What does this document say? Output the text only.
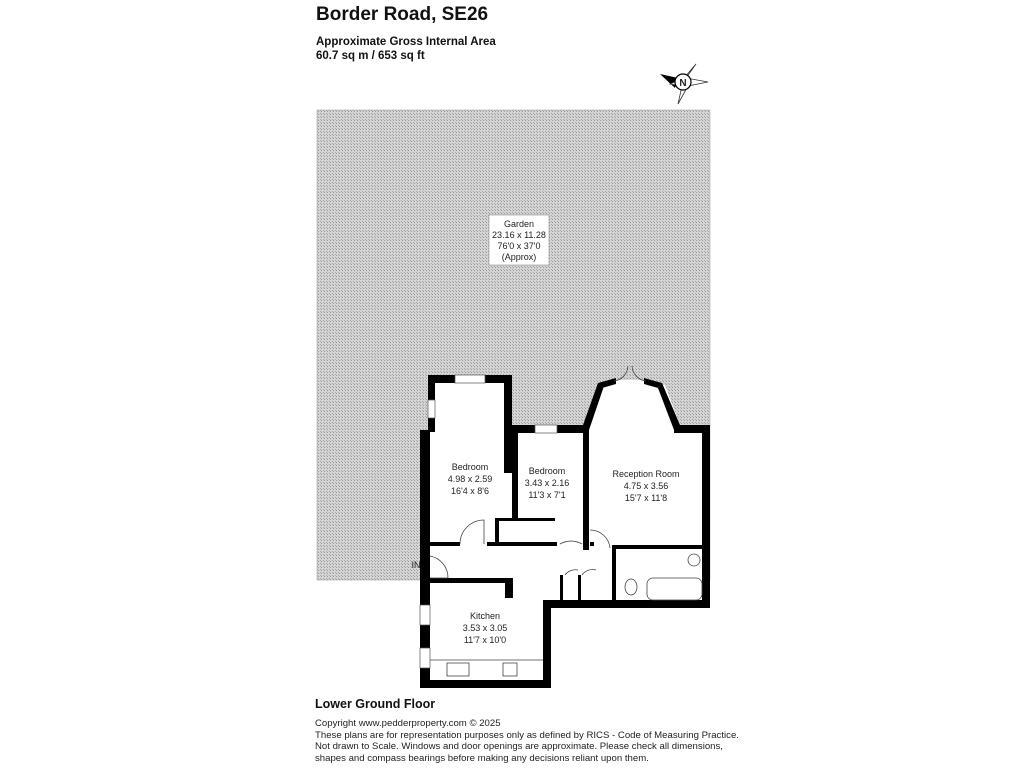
Border Road, SE26
Approximate Gross Internal Area
60.7 sq m / 653 sq ft
N
Garden
23.16 x 11.28
76'0 x 37'0
(Approx)
Bedroom
4.98 x 2.59
16'4 x 8'6
Bedroom
3.43 x 2.16
11'3 x 7'1
Reception Room
4.75 x 3.56
15'7 x 11'8
Kitchen
3.53 x 3.05
11'7 x 10'0
IN
Lower Ground Floor
Copyright www.pedderproperty.com © 2025
These plans are for representation purposes only as defined by RICS - Code of Measuring Practice.
Not drawn to Scale. Windows and door openings are approximate. Please check all dimensions,
shapes and compass bearings before making any decisions reliant upon them.
